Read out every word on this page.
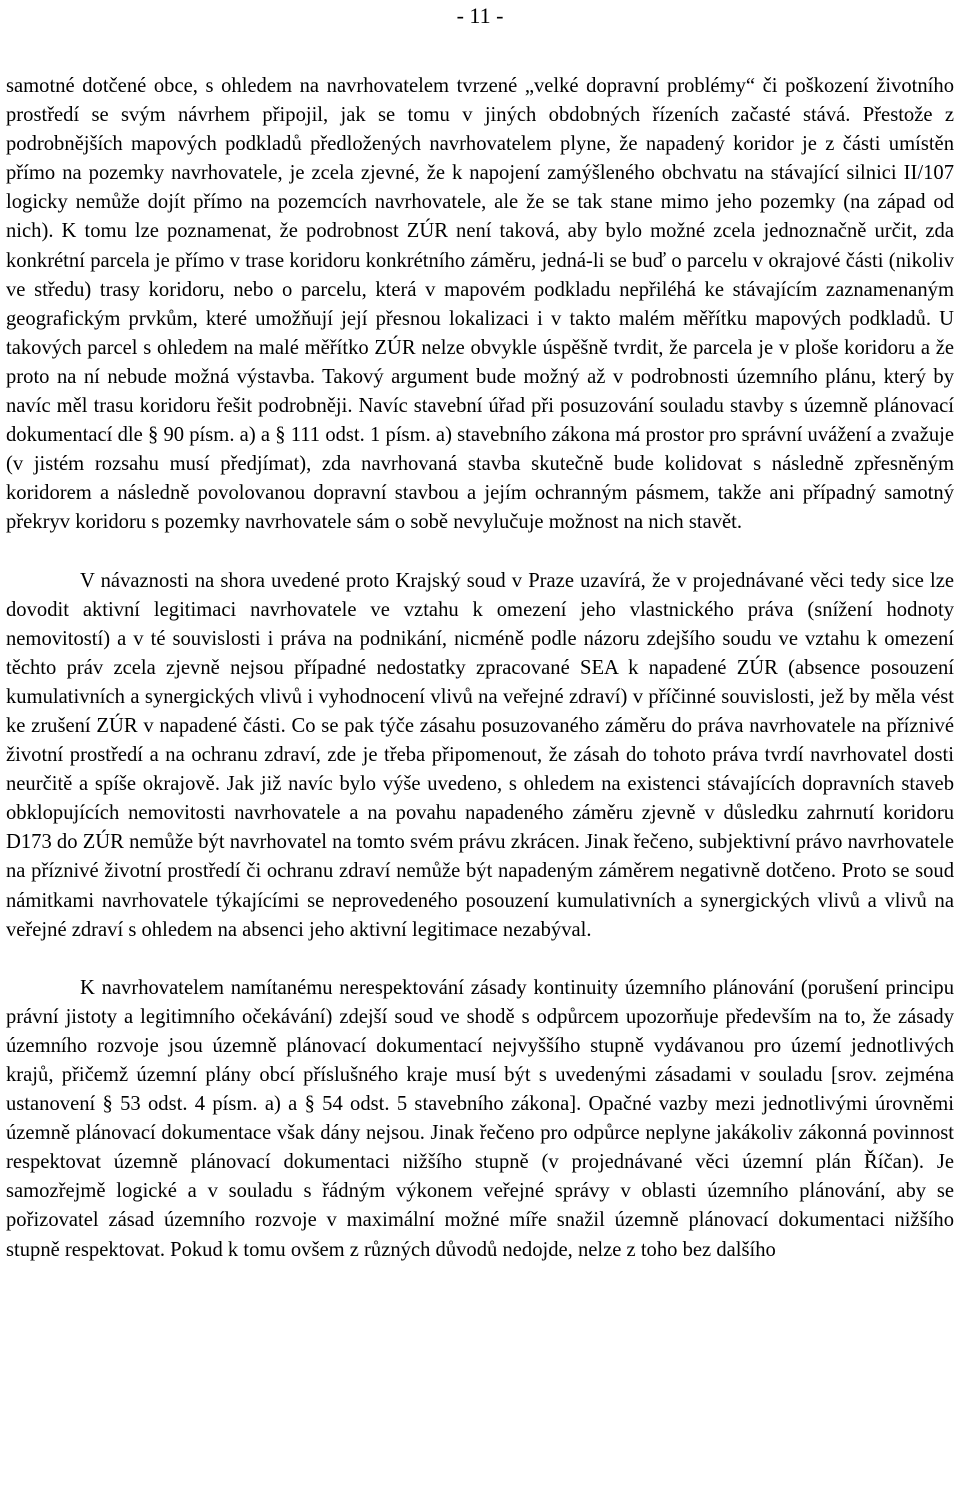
- 11 -

samotné dotčené obce, s ohledem na navrhovatelem tvrzené „velké dopravní problémy“ či poškození životního prostředí se svým návrhem připojil, jak se tomu v jiných obdobných řízeních začasté stává. Přestože z podrobnějších mapových podkladů předložených navrhovatelem plyne, že napadený koridor je z části umístěn přímo na pozemky navrhovatele, je zcela zjevné, že k napojení zamýšleného obchvatu na stávající silnici II/107 logicky nemůže dojít přímo na pozemcích navrhovatele, ale že se tak stane mimo jeho pozemky (na západ od nich). K tomu lze poznamenat, že podrobnost ZÚR není taková, aby bylo možné zcela jednoznačně určit, zda konkrétní parcela je přímo v trase koridoru konkrétního záměru, jedná-li se buď o parcelu v okrajové části (nikoliv ve středu) trasy koridoru, nebo o parcelu, která v mapovém podkladu nepřiléhá ke stávajícím zaznamenaným geografickým prvkům, které umožňují její přesnou lokalizaci i v takto malém měřítku mapových podkladů. U takových parcel s ohledem na malé měřítko ZÚR nelze obvykle úspěšně tvrdit, že parcela je v ploše koridoru a že proto na ní nebude možná výstavba. Takový argument bude možný až v podrobnosti územního plánu, který by navíc měl trasu koridoru řešit podrobněji. Navíc stavební úřad při posuzování souladu stavby s územně plánovací dokumentací dle § 90 písm. a) a § 111 odst. 1 písm. a) stavebního zákona má prostor pro správní uvážení a zvažuje (v jistém rozsahu musí předjímat), zda navrhovaná stavba skutečně bude kolidovat s následně zpřesněným koridorem a následně povolovanou dopravní stavbou a jejím ochranným pásmem, takže ani případný samotný překryv koridoru s pozemky navrhovatele sám o sobě nevylučuje možnost na nich stavět.

V návaznosti na shora uvedené proto Krajský soud v Praze uzavírá, že v projednávané věci tedy sice lze dovodit aktivní legitimaci navrhovatele ve vztahu k omezení jeho vlastnického práva (snížení hodnoty nemovitostí) a v té souvislosti i práva na podnikání, nicméně podle názoru zdejšího soudu ve vztahu k omezení těchto práv zcela zjevně nejsou případné nedostatky zpracované SEA k napadené ZÚR (absence posouzení kumulativních a synergických vlivů i vyhodnocení vlivů na veřejné zdraví) v příčinné souvislosti, jež by měla vést ke zrušení ZÚR v napadené části. Co se pak týče zásahu posuzovaného záměru do práva navrhovatele na příznivé životní prostředí a na ochranu zdraví, zde je třeba připomenout, že zásah do tohoto práva tvrdí navrhovatel dosti neurčitě a spíše okrajově. Jak již navíc bylo výše uvedeno, s ohledem na existenci stávajících dopravních staveb obklopujících nemovitosti navrhovatele a na povahu napadeného záměru zjevně v důsledku zahrnutí koridoru D173 do ZÚR nemůže být navrhovatel na tomto svém právu zkrácen. Jinak řečeno, subjektivní právo navrhovatele na příznivé životní prostředí či ochranu zdraví nemůže být napadeným záměrem negativně dotčeno. Proto se soud námitkami navrhovatele týkajícími se neprovedeného posouzení kumulativních a synergických vlivů a vlivů na veřejné zdraví s ohledem na absenci jeho aktivní legitimace nezabýval.

K navrhovatelem namítanému nerespektování zásady kontinuity územního plánování (porušení principu právní jistoty a legitimního očekávání) zdejší soud ve shodě s odpůrcem upozorňuje především na to, že zásady územního rozvoje jsou územně plánovací dokumentací nejvyššího stupně vydávanou pro území jednotlivých krajů, přičemž územní plány obcí příslušného kraje musí být s uvedenými zásadami v souladu [srov. zejména ustanovení § 53 odst. 4 písm. a) a § 54 odst. 5 stavebního zákona]. Opačné vazby mezi jednotlivými úrovněmi územně plánovací dokumentace však dány nejsou. Jinak řečeno pro odpůrce neplyne jakákoliv zákonná povinnost respektovat územně plánovací dokumentaci nižšího stupně (v projednávané věci územní plán Říčan). Je samozřejmě logické a v souladu s řádným výkonem veřejné správy v oblasti územního plánování, aby se pořizovatel zásad územního rozvoje v maximální možné míře snažil územně plánovací dokumentaci nižšího stupně respektovat. Pokud k tomu ovšem z různých důvodů nedojde, nelze z toho bez dalšího
